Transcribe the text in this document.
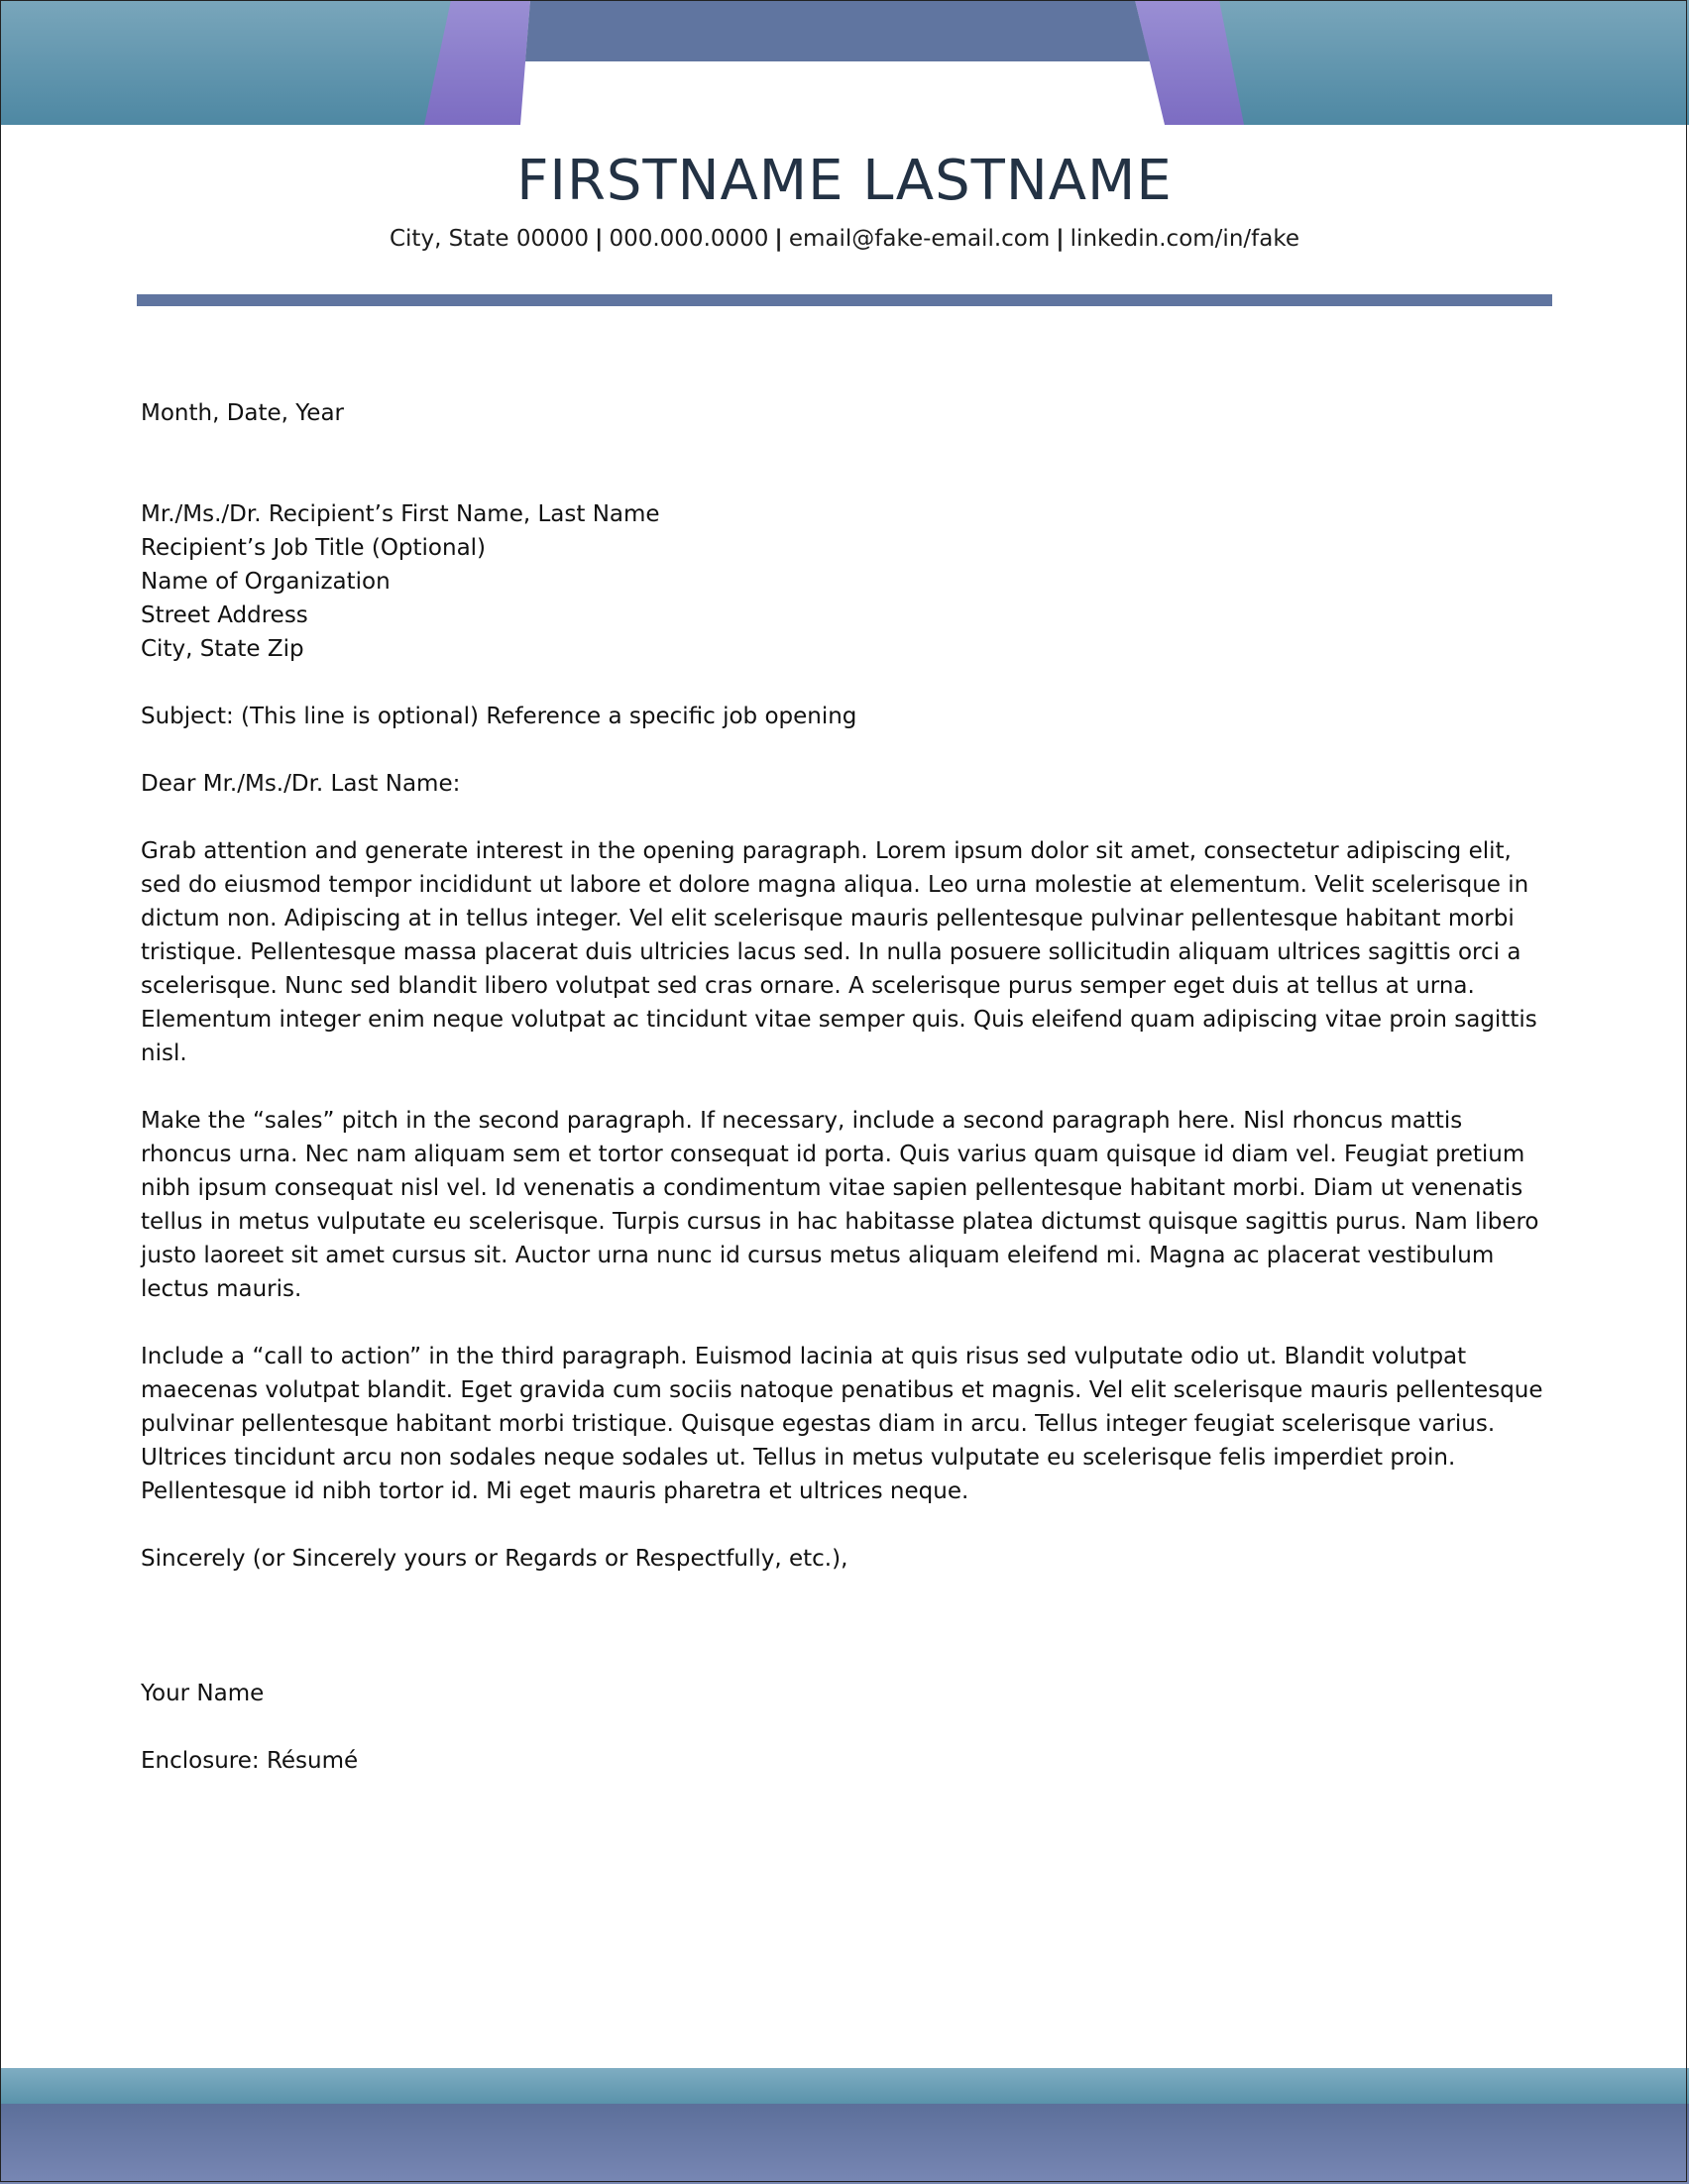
FIRSTNAME LASTNAME
City, State 00000 | 000.000.0000 | email@fake-email.com | linkedin.com/in/fake

Month, Date, Year

Mr./Ms./Dr. Recipient’s First Name, Last Name

Recipient’s Job Title (Optional)

Name of Organization

Street Address

City, State Zip

Subject: (This line is optional) Reference a specific job opening

Dear Mr./Ms./Dr. Last Name:

Grab attention and generate interest in the opening paragraph. Lorem ipsum dolor sit amet, consectetur adipiscing elit, sed do eiusmod tempor incididunt ut labore et dolore magna aliqua. Leo urna molestie at elementum. Velit scelerisque in dictum non. Adipiscing at in tellus integer. Vel elit scelerisque mauris pellentesque pulvinar pellentesque habitant morbi tristique. Pellentesque massa placerat duis ultricies lacus sed. In nulla posuere sollicitudin aliquam ultrices sagittis orci a scelerisque. Nunc sed blandit libero volutpat sed cras ornare. A scelerisque purus semper eget duis at tellus at urna. Elementum integer enim neque volutpat ac tincidunt vitae semper quis. Quis eleifend quam adipiscing vitae proin sagittis nisl.

Make the “sales” pitch in the second paragraph. If necessary, include a second paragraph here. Nisl rhoncus mattis rhoncus urna. Nec nam aliquam sem et tortor consequat id porta. Quis varius quam quisque id diam vel. Feugiat pretium nibh ipsum consequat nisl vel. Id venenatis a condimentum vitae sapien pellentesque habitant morbi. Diam ut venenatis tellus in metus vulputate eu scelerisque. Turpis cursus in hac habitasse platea dictumst quisque sagittis purus. Nam libero justo laoreet sit amet cursus sit. Auctor urna nunc id cursus metus aliquam eleifend mi. Magna ac placerat vestibulum lectus mauris.

Include a “call to action” in the third paragraph. Euismod lacinia at quis risus sed vulputate odio ut. Blandit volutpat maecenas volutpat blandit. Eget gravida cum sociis natoque penatibus et magnis. Vel elit scelerisque mauris pellentesque pulvinar pellentesque habitant morbi tristique. Quisque egestas diam in arcu. Tellus integer feugiat scelerisque varius. Ultrices tincidunt arcu non sodales neque sodales ut. Tellus in metus vulputate eu scelerisque felis imperdiet proin. Pellentesque id nibh tortor id. Mi eget mauris pharetra et ultrices neque.

Sincerely (or Sincerely yours or Regards or Respectfully, etc.),

Your Name

Enclosure: Résumé
